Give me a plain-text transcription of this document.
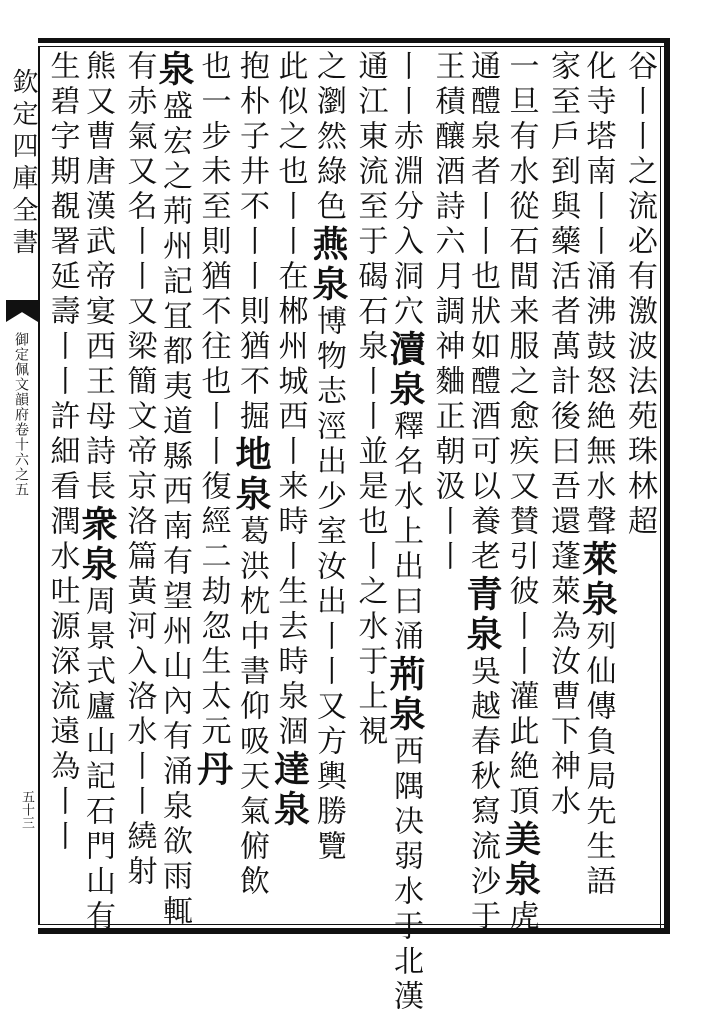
欽定四庫全書
御定佩文韻府卷十六之五
五十三
谷丨丨之流必有激波法苑珠林超
化寺塔南丨丨涌沸鼓怒絶無水聲萊泉列仙傳負局先生語
家至戶到與藥活者萬計後曰吾還蓬萊為汝曹下神水
一旦有水從石間来服之愈疾又賛引彼丨丨灌此絶頂美泉虎
通醴泉者丨丨也狀如醴酒可以養老青泉吳越春秋寫流沙于
王積釀酒詩六月調神麯正朝汲丨丨
丨丨赤淵分入洞穴瀆泉釋名水上出曰涌荊泉西隅决弱水于北漢
通江東流至于碣石泉丨丨並是也丨之水于上視
之瀏然綠色燕泉博物志涇出少室汝出丨丨又方輿勝覽
此似之也丨丨在郴州城西丨来時丨生去時泉涸達泉
抱朴子井不丨丨則猶不掘地泉葛洪枕中書仰吸天氣俯飲
也一步未至則猶不往也丨丨復經二劫忽生太元丹
泉盛宏之荊州記冝都夷道縣西南有望州山內有涌泉欲雨輒
有赤氣又名丨丨又梁簡文帝京洛篇黃河入洛水丨丨繞射
熊又曹唐漢武帝宴西王母詩長衆泉周景式廬山記石門山有
生碧字期覩署延壽丨丨許細看潤水吐源深流遠為丨丨
